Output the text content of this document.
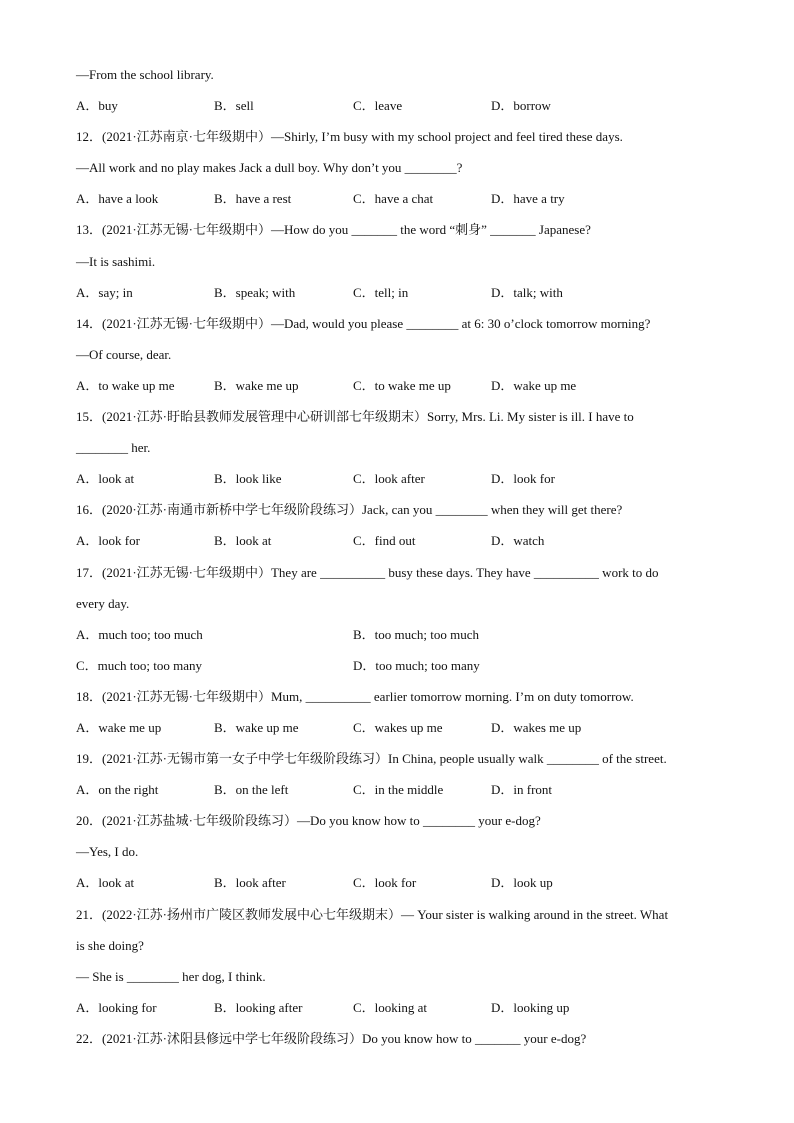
—From the school library.
A．buy	B．sell	C．leave	D．borrow
12．(2021·江苏南京·七年级期中）—Shirly, I’m busy with my school project and feel tired these days.
—All work and no play makes Jack a dull boy. Why don’t you ________?
A．have a look	B．have a rest	C．have a chat	D．have a try
13．(2021·江苏无锡·七年级期中）—How do you _______ the word “刺身” _______ Japanese?
—It is sashimi.
A．say; in	B．speak; with	C．tell; in	D．talk; with
14．(2021·江苏无锡·七年级期中）—Dad, would you please ________ at 6: 30 o’clock tomorrow morning?
—Of course, dear.
A．to wake up me	B．wake me up	C．to wake me up	D．wake up me
15．(2021·江苏·盱眙县教师发展管理中心研训部七年级期末）Sorry, Mrs. Li. My sister is ill. I have to
________ her.
A．look at	B．look like	C．look after	D．look for
16．(2020·江苏·南通市新桥中学七年级阶段练习）Jack, can you ________ when they will get there?
A．look for	B．look at	C．find out	D．watch
17．(2021·江苏无锡·七年级期中）They are __________ busy these days. They have __________ work to do
every day.
A．much too; too much	B．too much; too much
C．much too; too many	D．too much; too many
18．(2021·江苏无锡·七年级期中）Mum, __________ earlier tomorrow morning. I’m on duty tomorrow.
A．wake me up	B．wake up me	C．wakes up me	D．wakes me up
19．(2021·江苏·无锡市第一女子中学七年级阶段练习）In China, people usually walk ________ of the street.
A．on the right	B．on the left	C．in the middle	D．in front
20．(2021·江苏盐城·七年级阶段练习）—Do you know how to ________ your e-dog?
—Yes, I do.
A．look at	B．look after	C．look for	D．look up
21．(2022·江苏·扬州市广陵区教师发展中心七年级期末）— Your sister is walking around in the street. What
is she doing?
— She is ________ her dog, I think.
A．looking for	B．looking after	C．looking at	D．looking up
22．(2021·江苏·沭阳县修远中学七年级阶段练习）Do you know how to _______ your e-dog?
